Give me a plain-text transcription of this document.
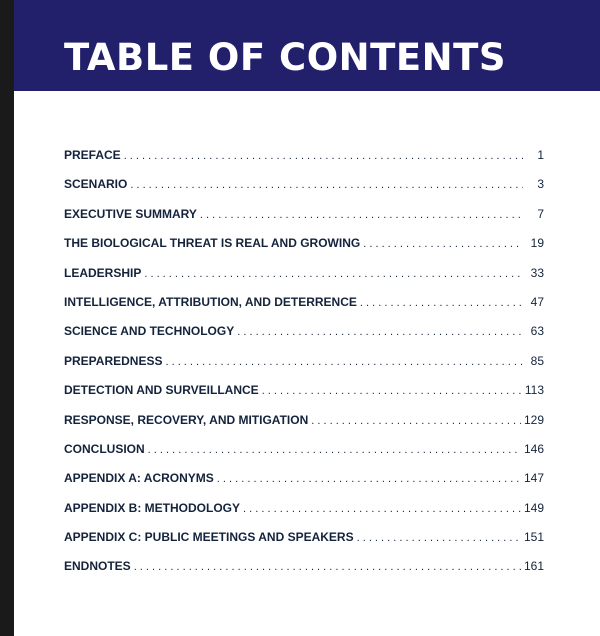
TABLE OF CONTENTS
PREFACE . . .	1
SCENARIO . . .	3
EXECUTIVE SUMMARY . . .	7
THE BIOLOGICAL THREAT IS REAL AND GROWING . . .	19
LEADERSHIP . . .	33
INTELLIGENCE, ATTRIBUTION, AND DETERRENCE . . .	47
SCIENCE AND TECHNOLOGY . . .	63
PREPAREDNESS . . .	85
DETECTION AND SURVEILLANCE . . .	113
RESPONSE, RECOVERY, AND MITIGATION . . .	129
CONCLUSION . . .	146
APPENDIX A: ACRONYMS . . .	147
APPENDIX B: METHODOLOGY . . .	149
APPENDIX C: PUBLIC MEETINGS AND SPEAKERS . . .	151
ENDNOTES . . .	161
